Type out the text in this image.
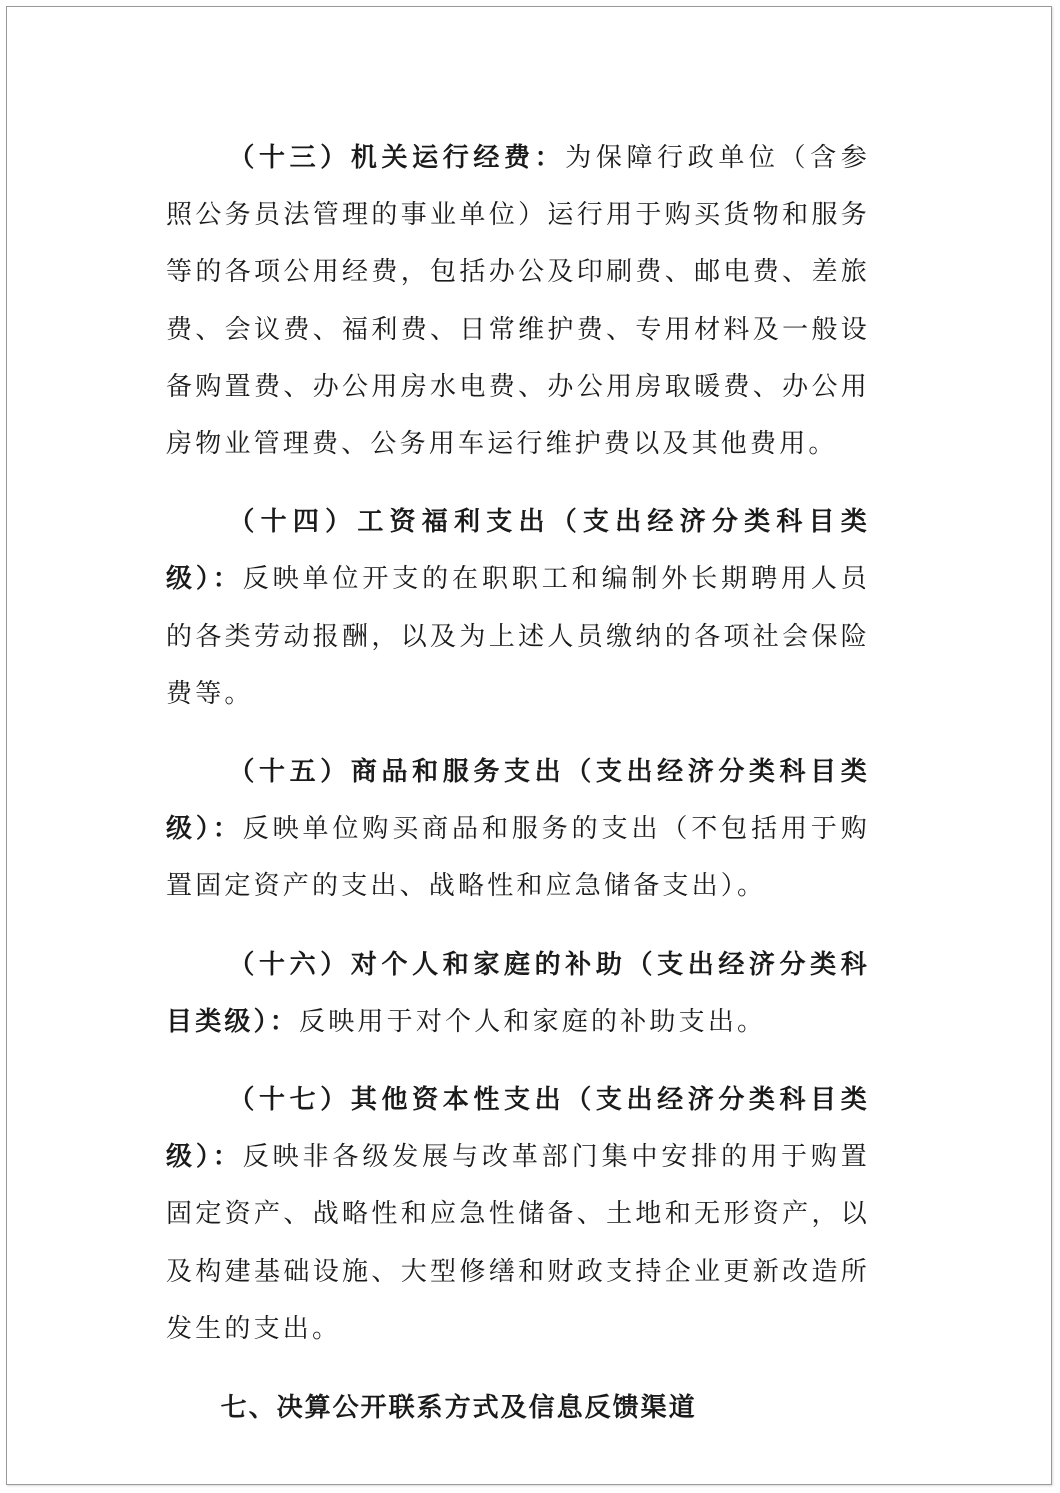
（十三）机关运行经费：为保障行政单位（含参照公务员法管理的事业单位）运行用于购买货物和服务等的各项公用经费，包括办公及印刷费、邮电费、差旅费、会议费、福利费、日常维护费、专用材料及一般设备购置费、办公用房水电费、办公用房取暖费、办公用房物业管理费、公务用车运行维护费以及其他费用。

（十四）工资福利支出（支出经济分类科目类级）：反映单位开支的在职职工和编制外长期聘用人员的各类劳动报酬，以及为上述人员缴纳的各项社会保险费等。

（十五）商品和服务支出（支出经济分类科目类级）：反映单位购买商品和服务的支出（不包括用于购置固定资产的支出、战略性和应急储备支出）。

（十六）对个人和家庭的补助（支出经济分类科目类级）：反映用于对个人和家庭的补助支出。

（十七）其他资本性支出（支出经济分类科目类级）：反映非各级发展与改革部门集中安排的用于购置固定资产、战略性和应急性储备、土地和无形资产，以及构建基础设施、大型修缮和财政支持企业更新改造所发生的支出。

七、决算公开联系方式及信息反馈渠道
